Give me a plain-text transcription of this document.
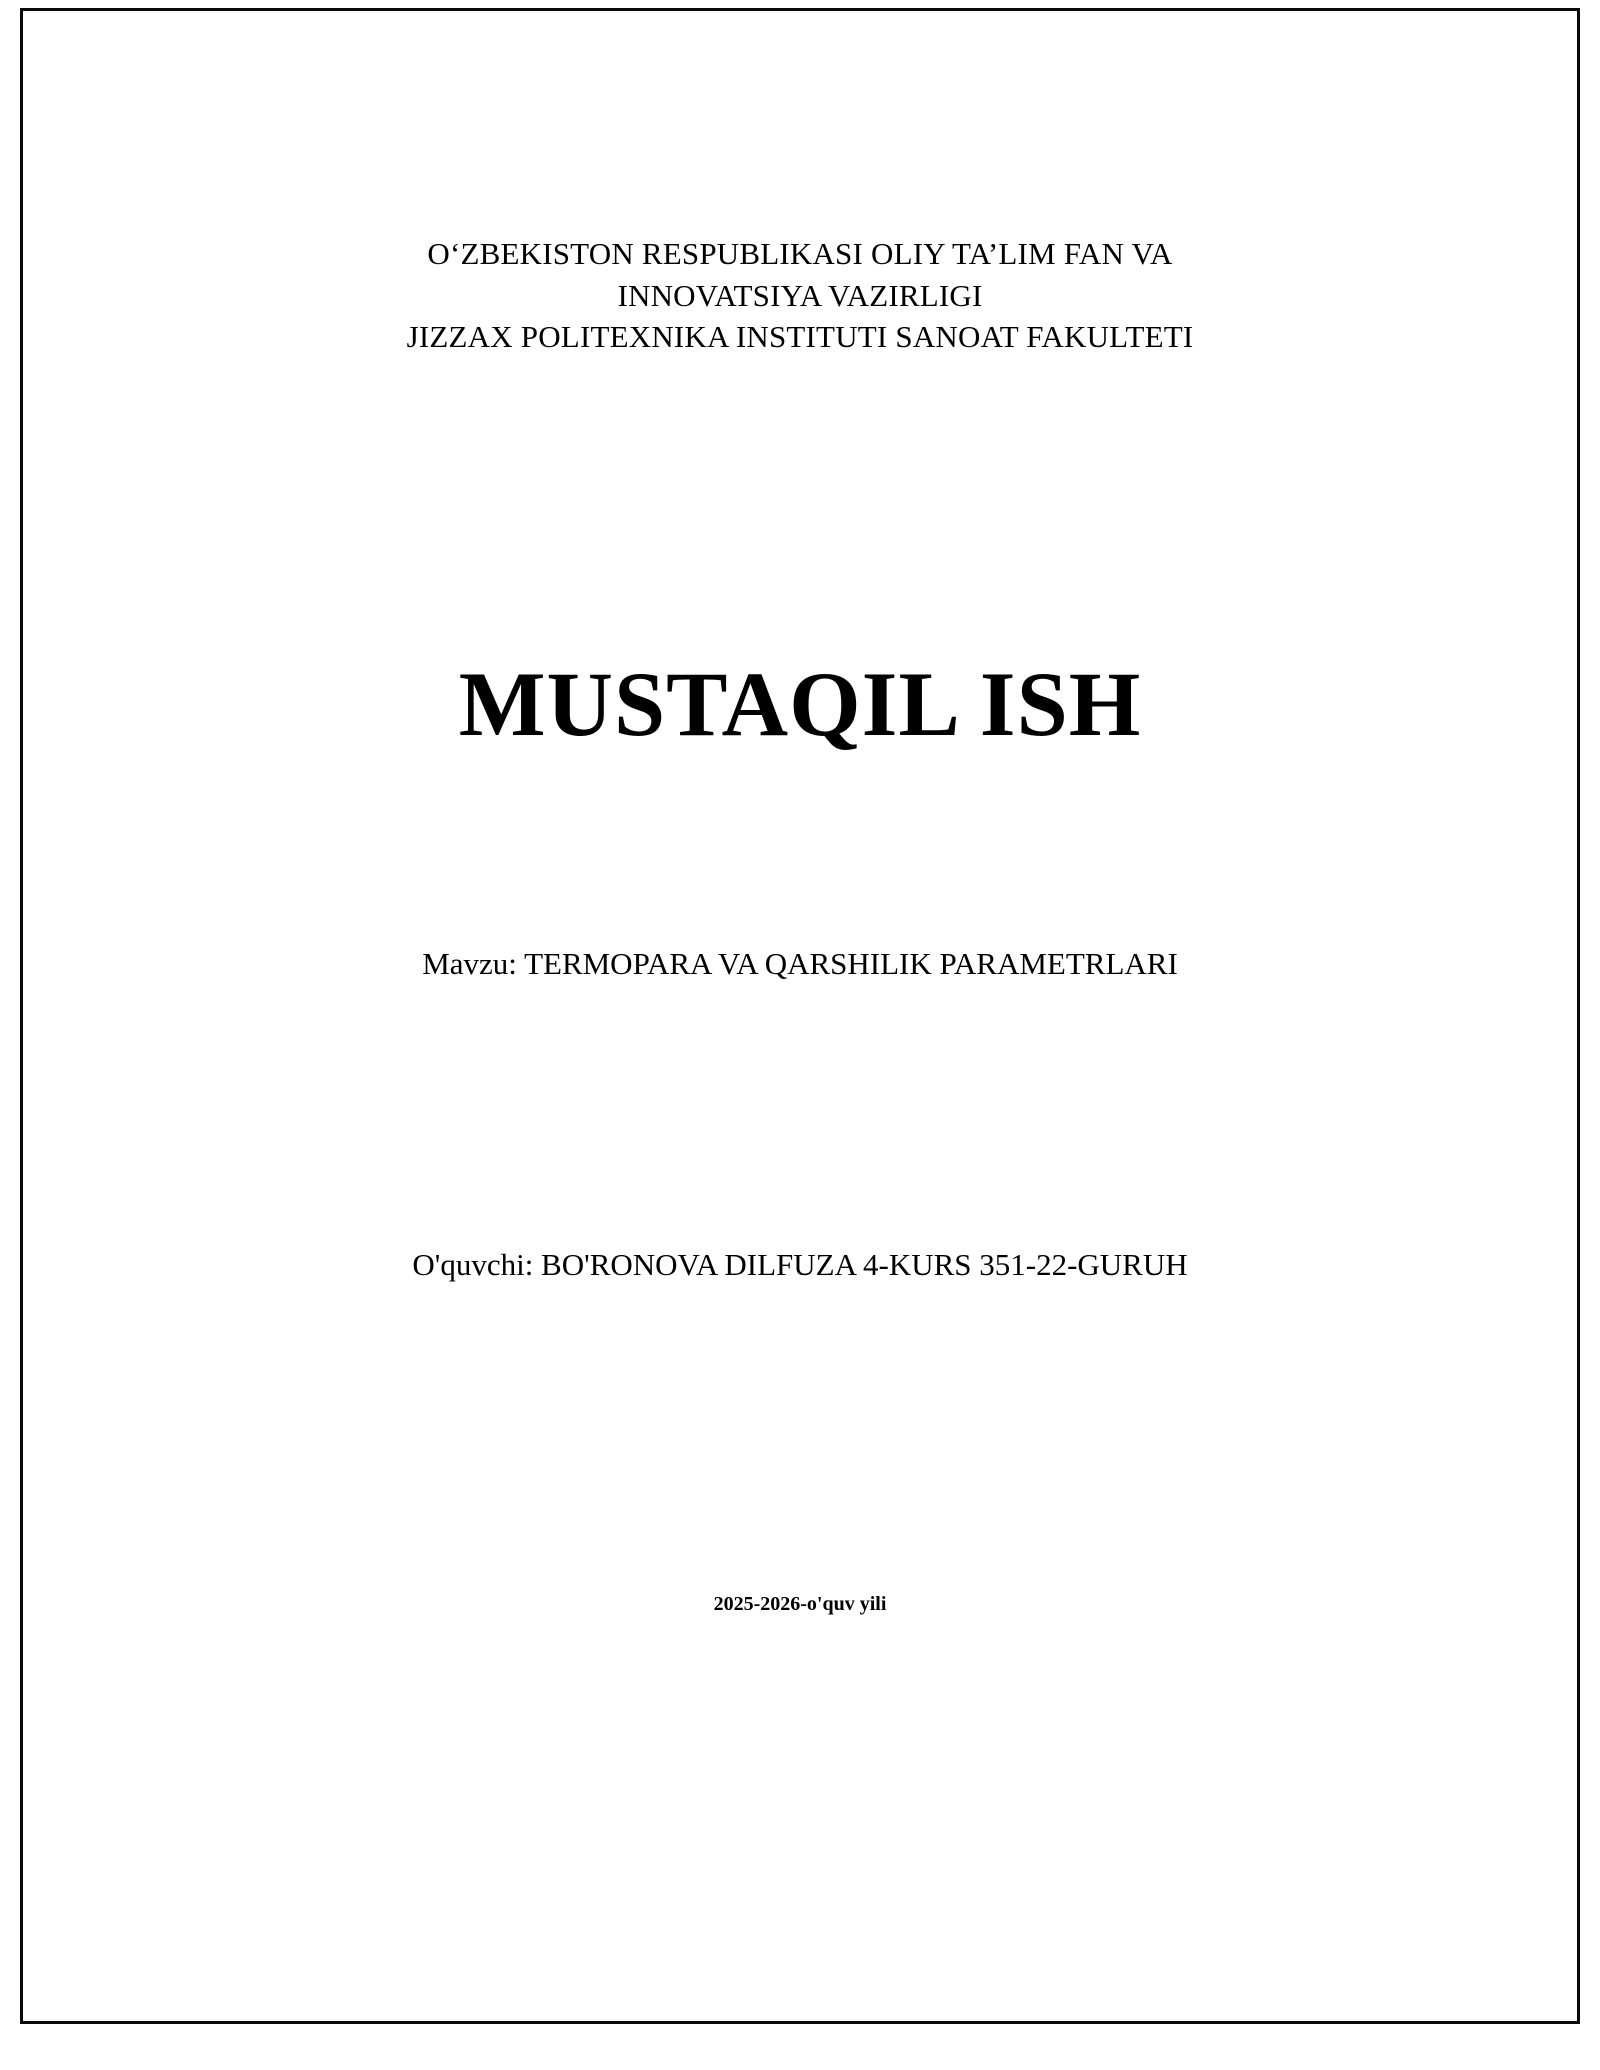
O‘ZBEKISTON RESPUBLIKASI OLIY TA’LIM FAN VA
INNOVATSIYA VAZIRLIGI
JIZZAX POLITEXNIKA INSTITUTI SANOAT FAKULTETI
MUSTAQIL ISH
Mavzu: TERMOPARA VA QARSHILIK PARAMETRLARI
O'quvchi: BO'RONOVA DILFUZA 4-KURS 351-22-GURUH
2025-2026-o'quv yili
